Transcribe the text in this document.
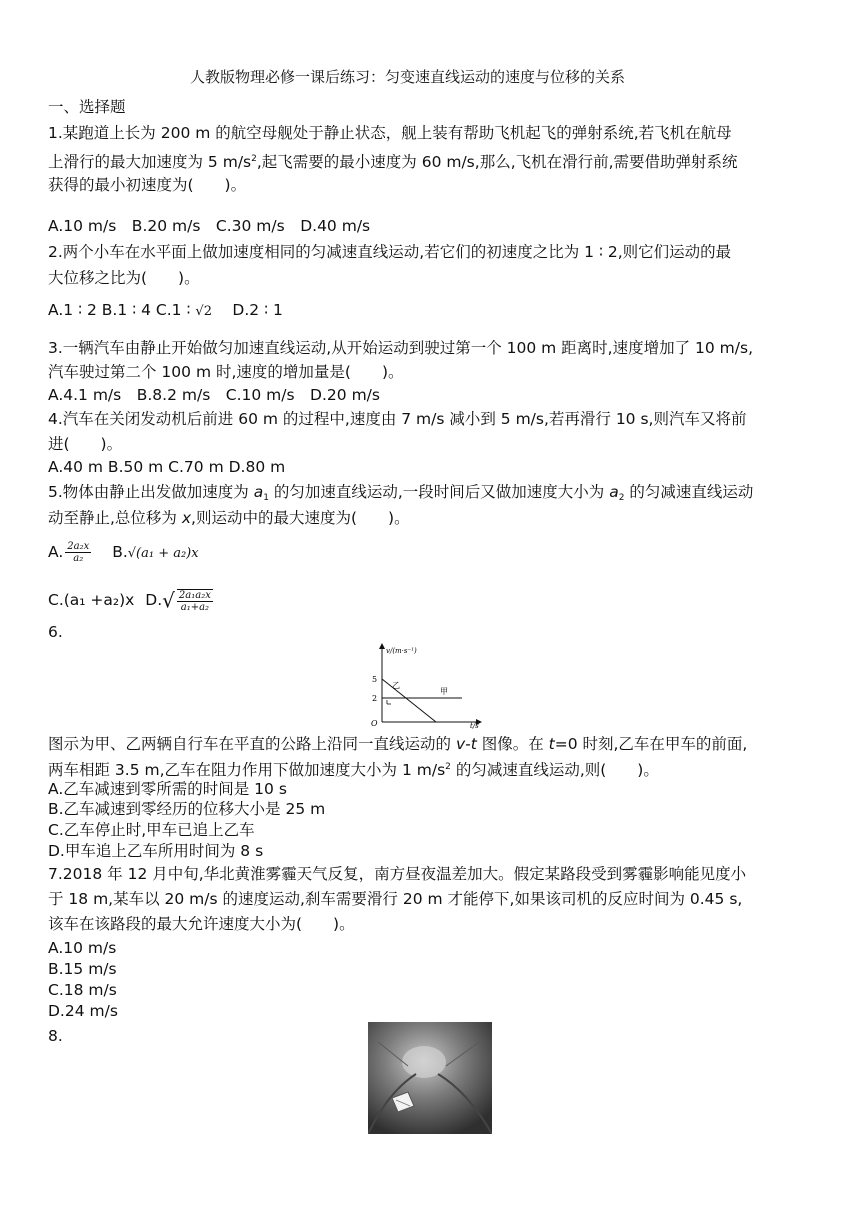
人教版物理必修一课后练习：匀变速直线运动的速度与位移的关系
一、选择题
1.某跑道上长为 200 m 的航空母舰处于静止状态，舰上装有帮助飞机起飞的弹射系统,若飞机在航母
上滑行的最大加速度为 5 $m/s^2$,起飞需要的最小速度为 60 m/s,那么,飞机在滑行前,需要借助弹射系统
获得的最小初速度为(　　)。
A.10 m/s　B.20 m/s　C.30 m/s　D.40 m/s
2.两个小车在水平面上做加速度相同的匀减速直线运动,若它们的初速度之比为 1 ∶ 2,则它们运动的最
大位移之比为(　　)。
A.1 ∶ 2 B.1 ∶ 4 C.1 ∶ √2　 D.2 ∶ 1
3.一辆汽车由静止开始做匀加速直线运动,从开始运动到驶过第一个 100 m 距离时,速度增加了 10 m/s,
汽车驶过第二个 100 m 时,速度的增加量是(　　)。
A.4.1 m/s　B.8.2 m/s　C.10 m/s　D.20 m/s
4.汽车在关闭发动机后前进 60 m 的过程中,速度由 7 m/s 减小到 5 m/s,若再滑行 10 s,则汽车又将前
进(　　)。
A.40 m B.50 m C.70 m D.80 m
5.物体由静止出发做加速度为 $a_1$ 的匀加速直线运动,一段时间后又做加速度大小为 $a_2$ 的匀减速直线运动
动至静止,总位移为 x,则运动中的最大速度为(　　)。
A. $\frac{\text{2a₂x}}{\text{a₂}} B.√(a_1 + a_2)x$
C.(a₁ +a₂)x $D.√ \frac{\text{2a₁a₂x}}{\text{a₁+a₂}}$
6.
v/(m·s⁻¹)
t/s
O
5
2
乙
甲
图示为甲、乙两辆自行车在平直的公路上沿同一直线运动的 v-t 图像。在 t=0 时刻,乙车在甲车的前面,
两车相距 3.5 m,乙车在阻力作用下做加速度大小为 1 $m/s^2$ 的匀减速直线运动,则(　　)。
A.乙车减速到零所需的时间是 10 s
B.乙车减速到零经历的位移大小是 25 m
C.乙车停止时,甲车已追上乙车
D.甲车追上乙车所用时间为 8 s
7.2018 年 12 月中旬,华北黄淮雾霾天气反复，南方昼夜温差加大。假定某路段受到雾霾影响能见度小
于 18 m,某车以 20 m/s 的速度运动,刹车需要滑行 20 m 才能停下,如果该司机的反应时间为 0.45 s,
该车在该路段的最大允许速度大小为(　　)。
A.10 m/s
B.15 m/s
C.18 m/s
D.24 m/s
8.
